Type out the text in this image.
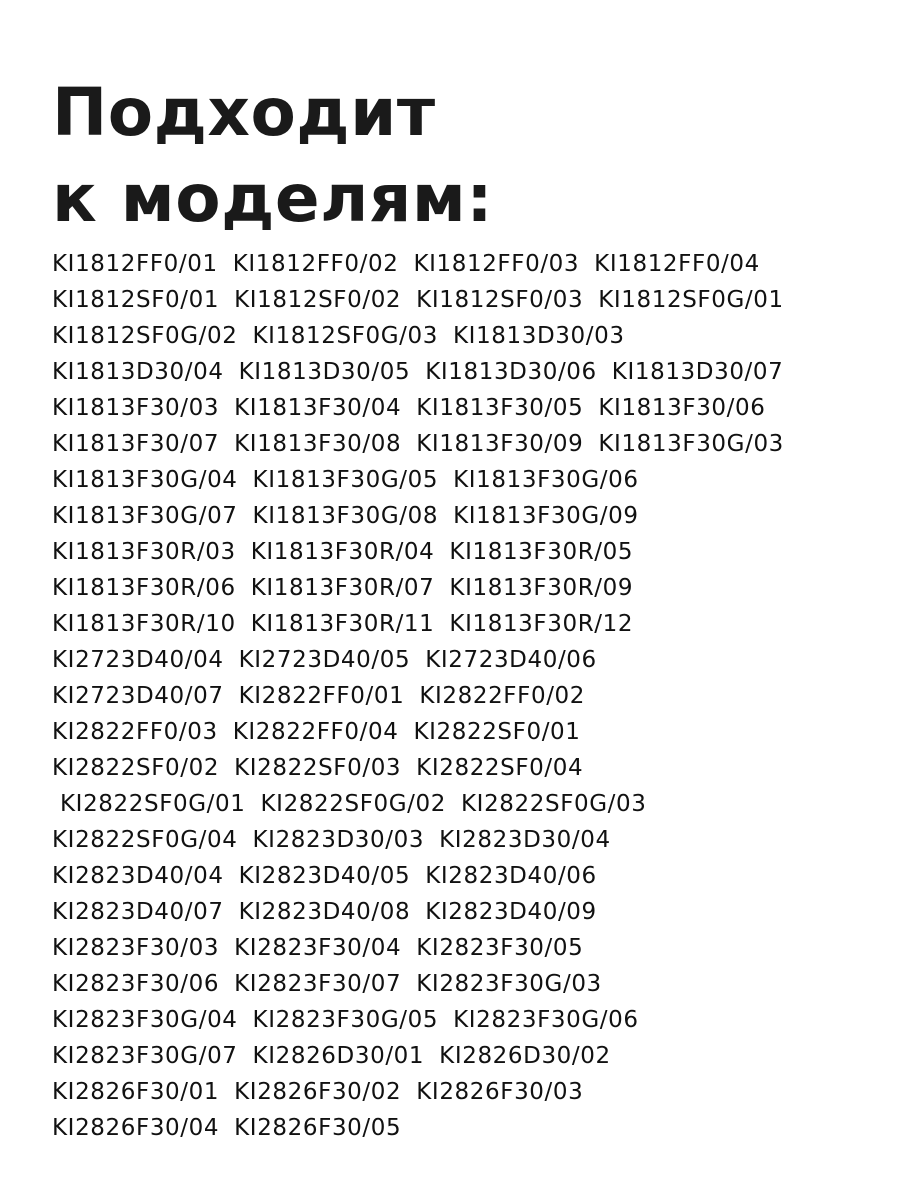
Подходит
к моделям:
KI1812FF0/01 KI1812FF0/02 KI1812FF0/03 KI1812FF0/04
KI1812SF0/01 KI1812SF0/02 KI1812SF0/03 KI1812SF0G/01
KI1812SF0G/02 KI1812SF0G/03 KI1813D30/03
KI1813D30/04 KI1813D30/05 KI1813D30/06 KI1813D30/07
KI1813F30/03 KI1813F30/04 KI1813F30/05 KI1813F30/06
KI1813F30/07 KI1813F30/08 KI1813F30/09 KI1813F30G/03
KI1813F30G/04 KI1813F30G/05 KI1813F30G/06
KI1813F30G/07 KI1813F30G/08 KI1813F30G/09
KI1813F30R/03 KI1813F30R/04 KI1813F30R/05
KI1813F30R/06 KI1813F30R/07 KI1813F30R/09
KI1813F30R/10 KI1813F30R/11 KI1813F30R/12
KI2723D40/04 KI2723D40/05 KI2723D40/06
KI2723D40/07 KI2822FF0/01 KI2822FF0/02
KI2822FF0/03 KI2822FF0/04 KI2822SF0/01
KI2822SF0/02 KI2822SF0/03 KI2822SF0/04
KI2822SF0G/01 KI2822SF0G/02 KI2822SF0G/03
KI2822SF0G/04 KI2823D30/03 KI2823D30/04
KI2823D40/04 KI2823D40/05 KI2823D40/06
KI2823D40/07 KI2823D40/08 KI2823D40/09
KI2823F30/03 KI2823F30/04 KI2823F30/05
KI2823F30/06 KI2823F30/07 KI2823F30G/03
KI2823F30G/04 KI2823F30G/05 KI2823F30G/06
KI2823F30G/07 KI2826D30/01 KI2826D30/02
KI2826F30/01 KI2826F30/02 KI2826F30/03
KI2826F30/04 KI2826F30/05
